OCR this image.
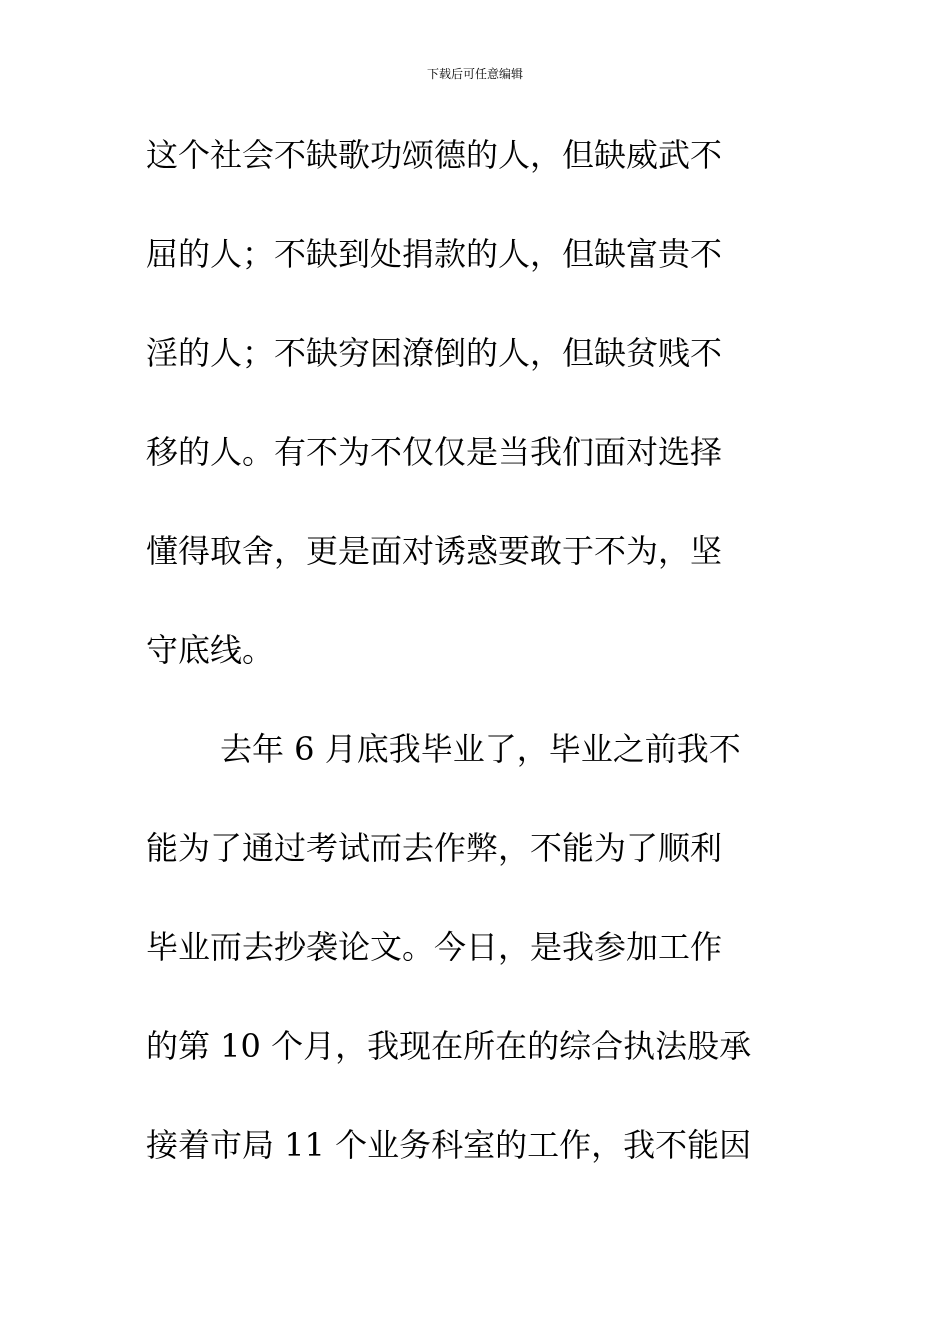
下载后可任意编辑
这个社会不缺歌功颂德的人，但缺威武不
屈的人；不缺到处捐款的人，但缺富贵不
淫的人；不缺穷困潦倒的人，但缺贫贱不
移的人。有不为不仅仅是当我们面对选择
懂得取舍，更是面对诱惑要敢于不为，坚
守底线。
去年 6 月底我毕业了，毕业之前我不
能为了通过考试而去作弊，不能为了顺利
毕业而去抄袭论文。今日，是我参加工作
的第 10 个月，我现在所在的综合执法股承
接着市局 11 个业务科室的工作，我不能因
